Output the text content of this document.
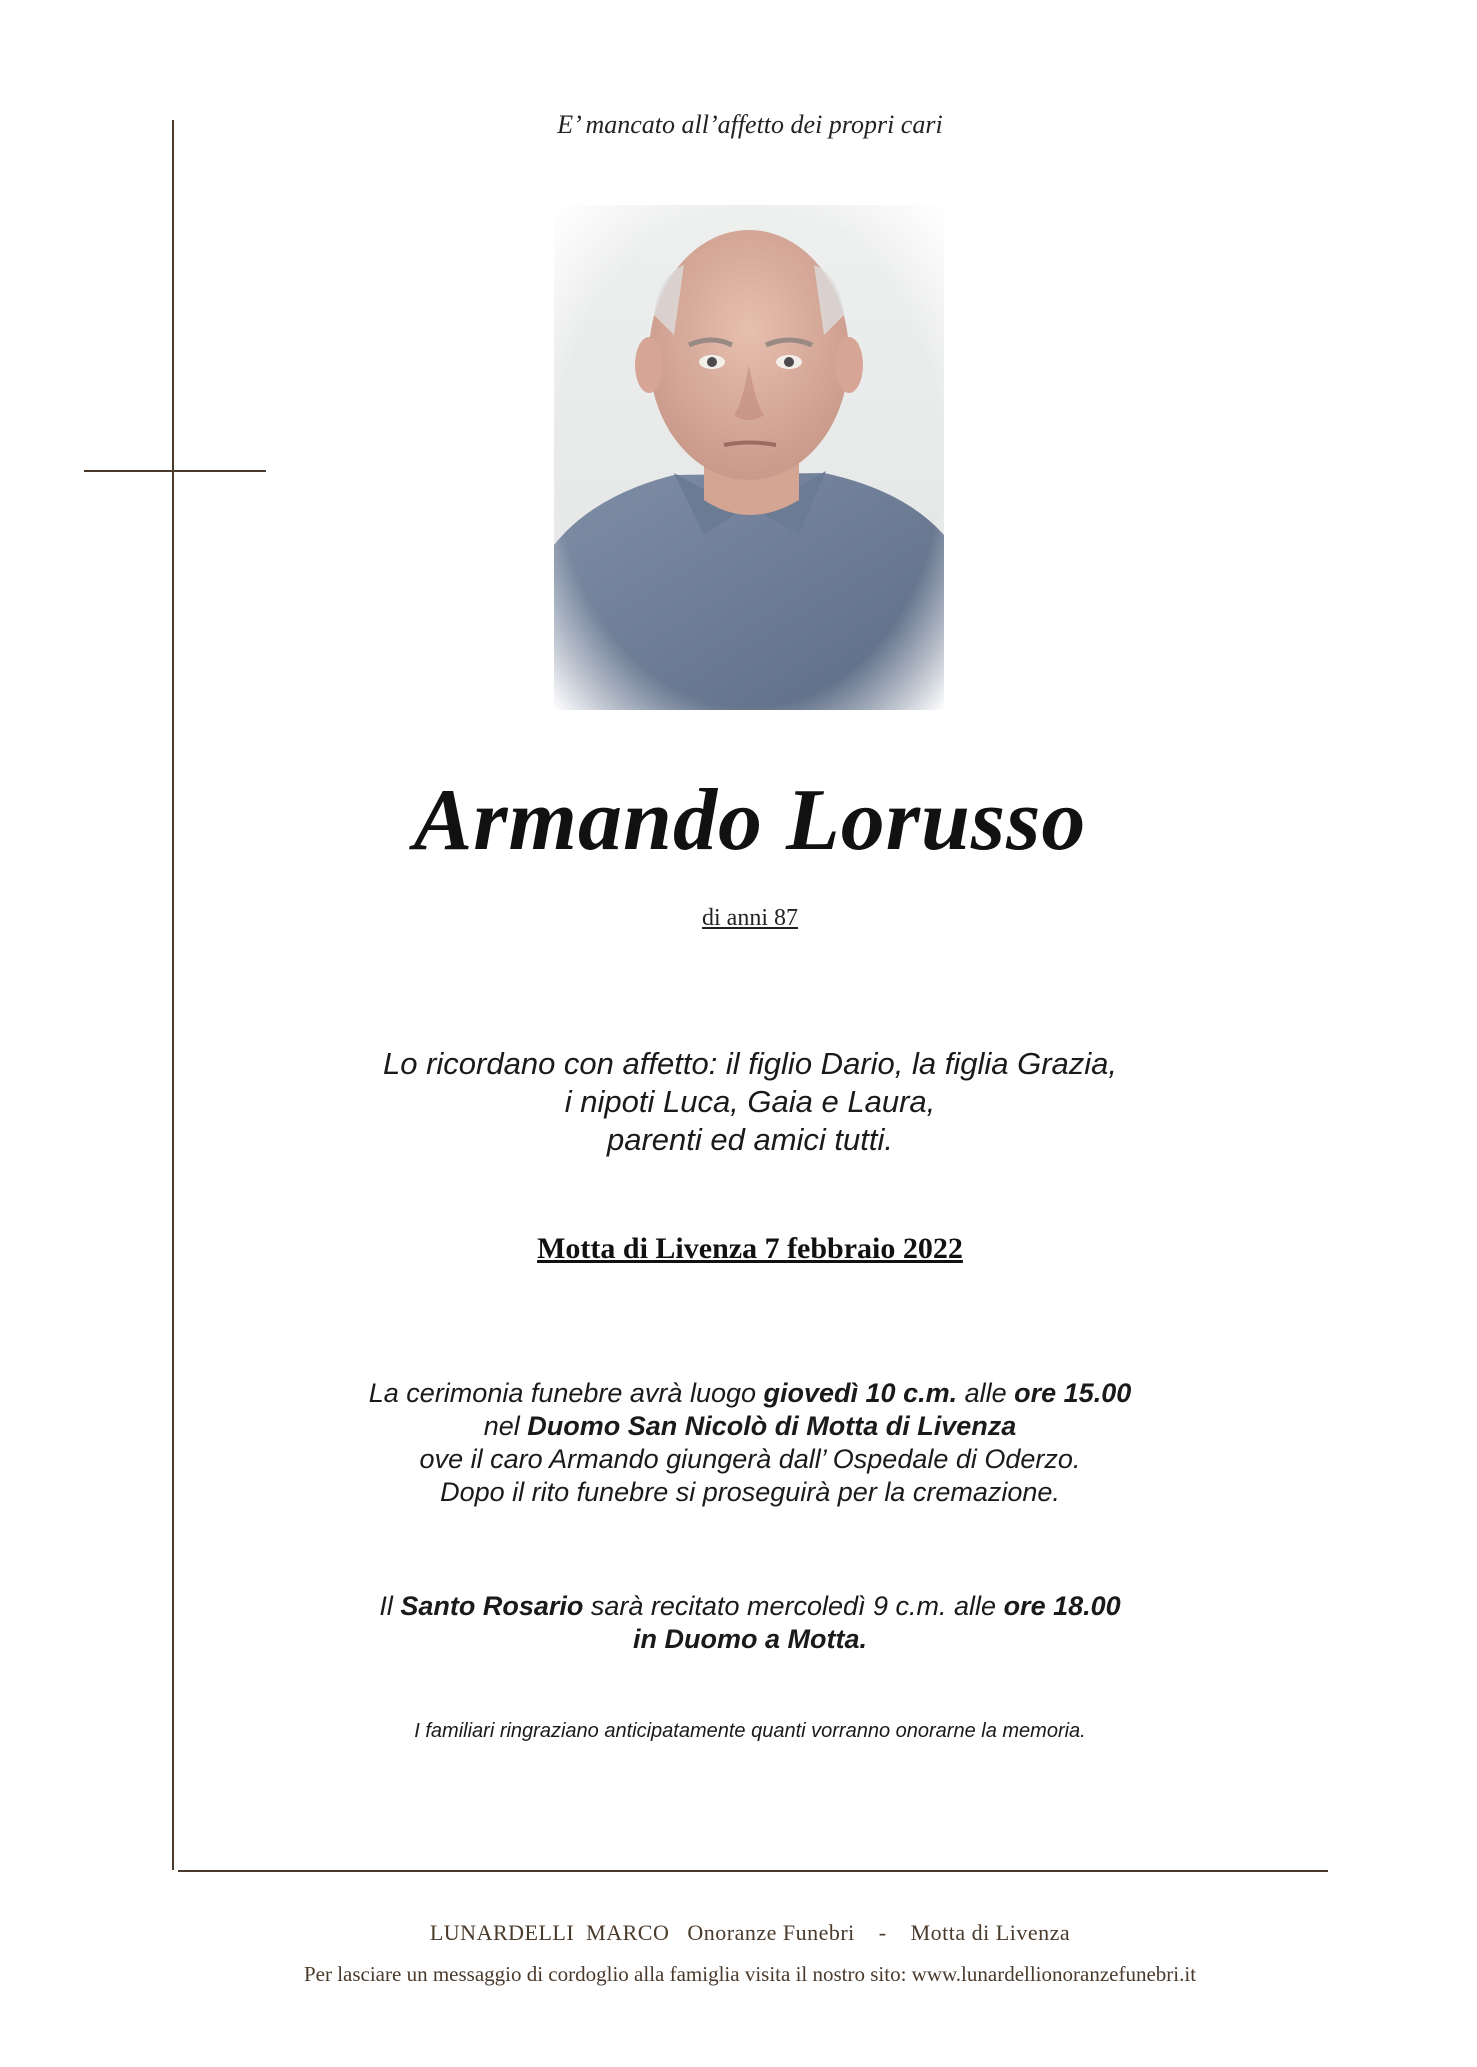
E’ mancato all’affetto dei propri cari
Armando Lorusso
di anni 87
Lo ricordano con affetto: il figlio Dario, la figlia Grazia,
i nipoti Luca, Gaia e Laura,
parenti ed amici tutti.
Motta di Livenza 7 febbraio 2022
La cerimonia funebre avrà luogo giovedì 10 c.m. alle ore 15.00
nel Duomo San Nicolò di Motta di Livenza
ove il caro Armando giungerà dall’ Ospedale di Oderzo.
Dopo il rito funebre si proseguirà per la cremazione.
Il Santo Rosario sarà recitato mercoledì 9 c.m. alle ore 18.00
in Duomo a Motta.
I familiari ringraziano anticipatamente quanti vorranno onorarne la memoria.
LUNARDELLI  MARCO   Onoranze Funebri    -    Motta di Livenza
Per lasciare un messaggio di cordoglio alla famiglia visita il nostro sito: www.lunardellionoranzefunebri.it
